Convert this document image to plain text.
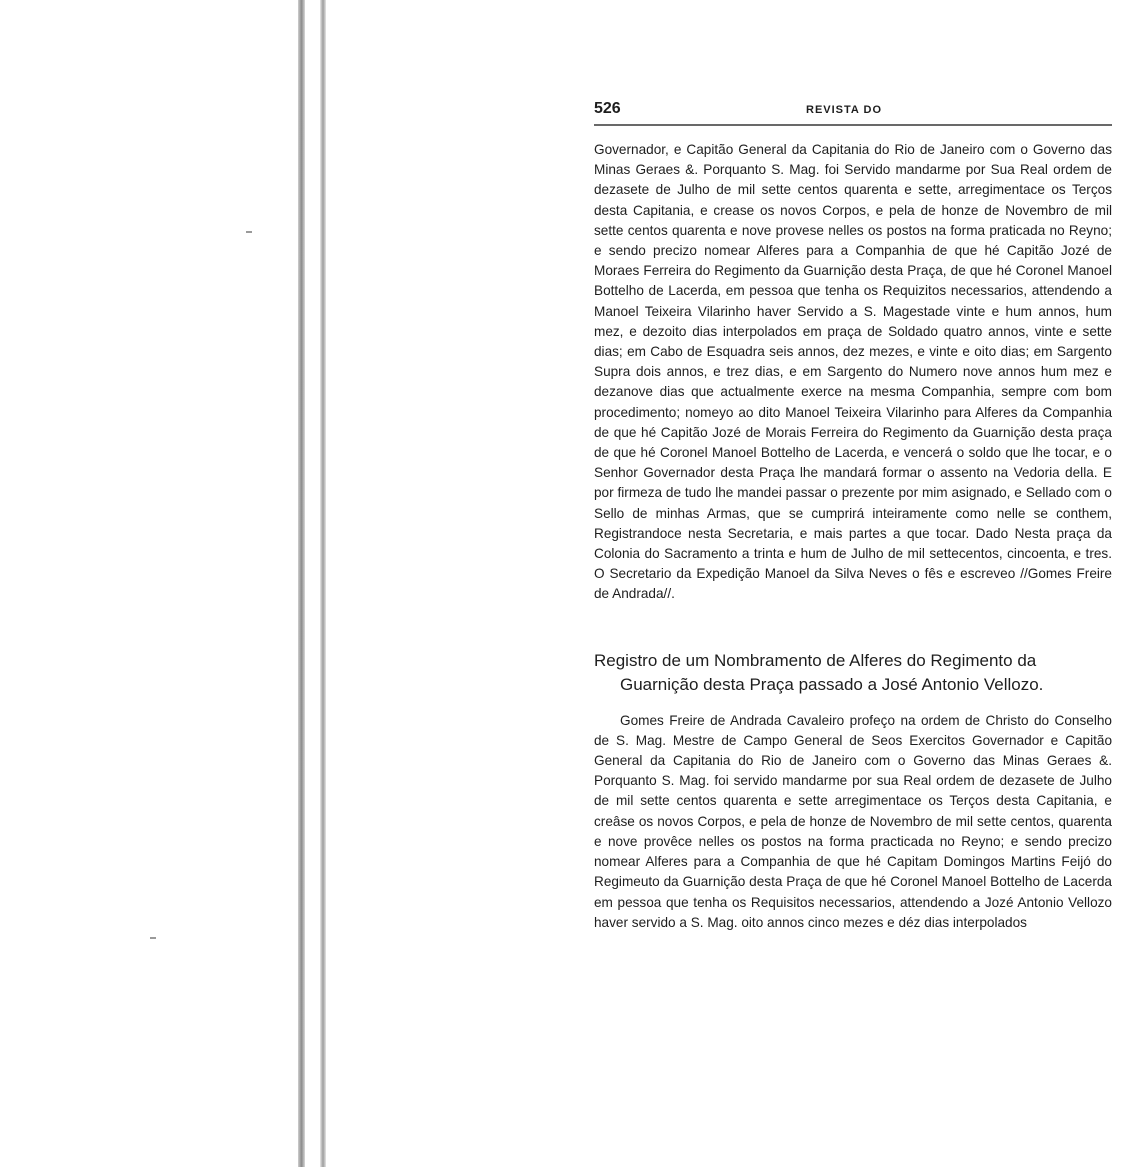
526	REVISTA DO

Governador, e Capitão General da Capitania do Rio de Janeiro com o Governo das Minas Geraes &. Porquanto S. Mag. foi Servido mandarme por Sua Real ordem de dezasete de Julho de mil sette centos quarenta e sette, arregimentace os Terços desta Capitania, e crease os novos Corpos, e pela de honze de Novembro de mil sette centos quarenta e nove provese nelles os postos na forma praticada no Reyno; e sendo precizo nomear Alferes para a Companhia de que hé Capitão Jozé de Moraes Ferreira do Regimento da Guarnição desta Praça, de que hé Coronel Manoel Bottelho de Lacerda, em pessoa que tenha os Requizitos necessarios, attendendo a Manoel Teixeira Vilarinho haver Servido a S. Magestade vinte e hum annos, hum mez, e dezoito dias interpolados em praça de Soldado quatro annos, vinte e sette dias; em Cabo de Esquadra seis annos, dez mezes, e vinte e oito dias; em Sargento Supra dois annos, e trez dias, e em Sargento do Numero nove annos hum mez e dezanove dias que actualmente exerce na mesma Companhia, sempre com bom procedimento; nomeyo ao dito Manoel Teixeira Vilarinho para Alferes da Companhia de que hé Capitão Jozé de Morais Ferreira do Regimento da Guarnição desta praça de que hé Coronel Manoel Bottelho de Lacerda, e vencerá o soldo que lhe tocar, e o Senhor Governador desta Praça lhe mandará formar o assento na Vedoria della. E por firmeza de tudo lhe mandei passar o prezente por mim asignado, e Sellado com o Sello de minhas Armas, que se cumprirá inteiramente como nelle se conthem, Registrandoce nesta Secretaria, e mais partes a que tocar. Dado Nesta praça da Colonia do Sacramento a trinta e hum de Julho de mil settecentos, cincoenta, e tres. O Secretario da Expedição Manoel da Silva Neves o fês e escreveo //Gomes Freire de Andrada//.

Registro de um Nombramento de Alferes do Regimento da
Guarnição desta Praça passado a José Antonio Vellozo.

Gomes Freire de Andrada Cavaleiro profeço na ordem de Christo do Conselho de S. Mag. Mestre de Campo General de Seos Exercitos Governador e Capitão General da Capitania do Rio de Janeiro com o Governo das Minas Geraes &. Porquanto S. Mag. foi servido mandarme por sua Real ordem de dezasete de Julho de mil sette centos quarenta e sette arregimentace os Terços desta Capitania, e creâse os novos Corpos, e pela de honze de Novembro de mil sette centos, quarenta e nove provêce nelles os postos na forma practicada no Reyno; e sendo precizo nomear Alferes para a Companhia de que hé Capitam Domingos Martins Feijó do Regimeuto da Guarnição desta Praça de que hé Coronel Manoel Bottelho de Lacerda em pessoa que tenha os Requisitos necessarios, attendendo a Jozé Antonio Vellozo haver servido a S. Mag. oito annos cinco mezes e déz dias interpolados
